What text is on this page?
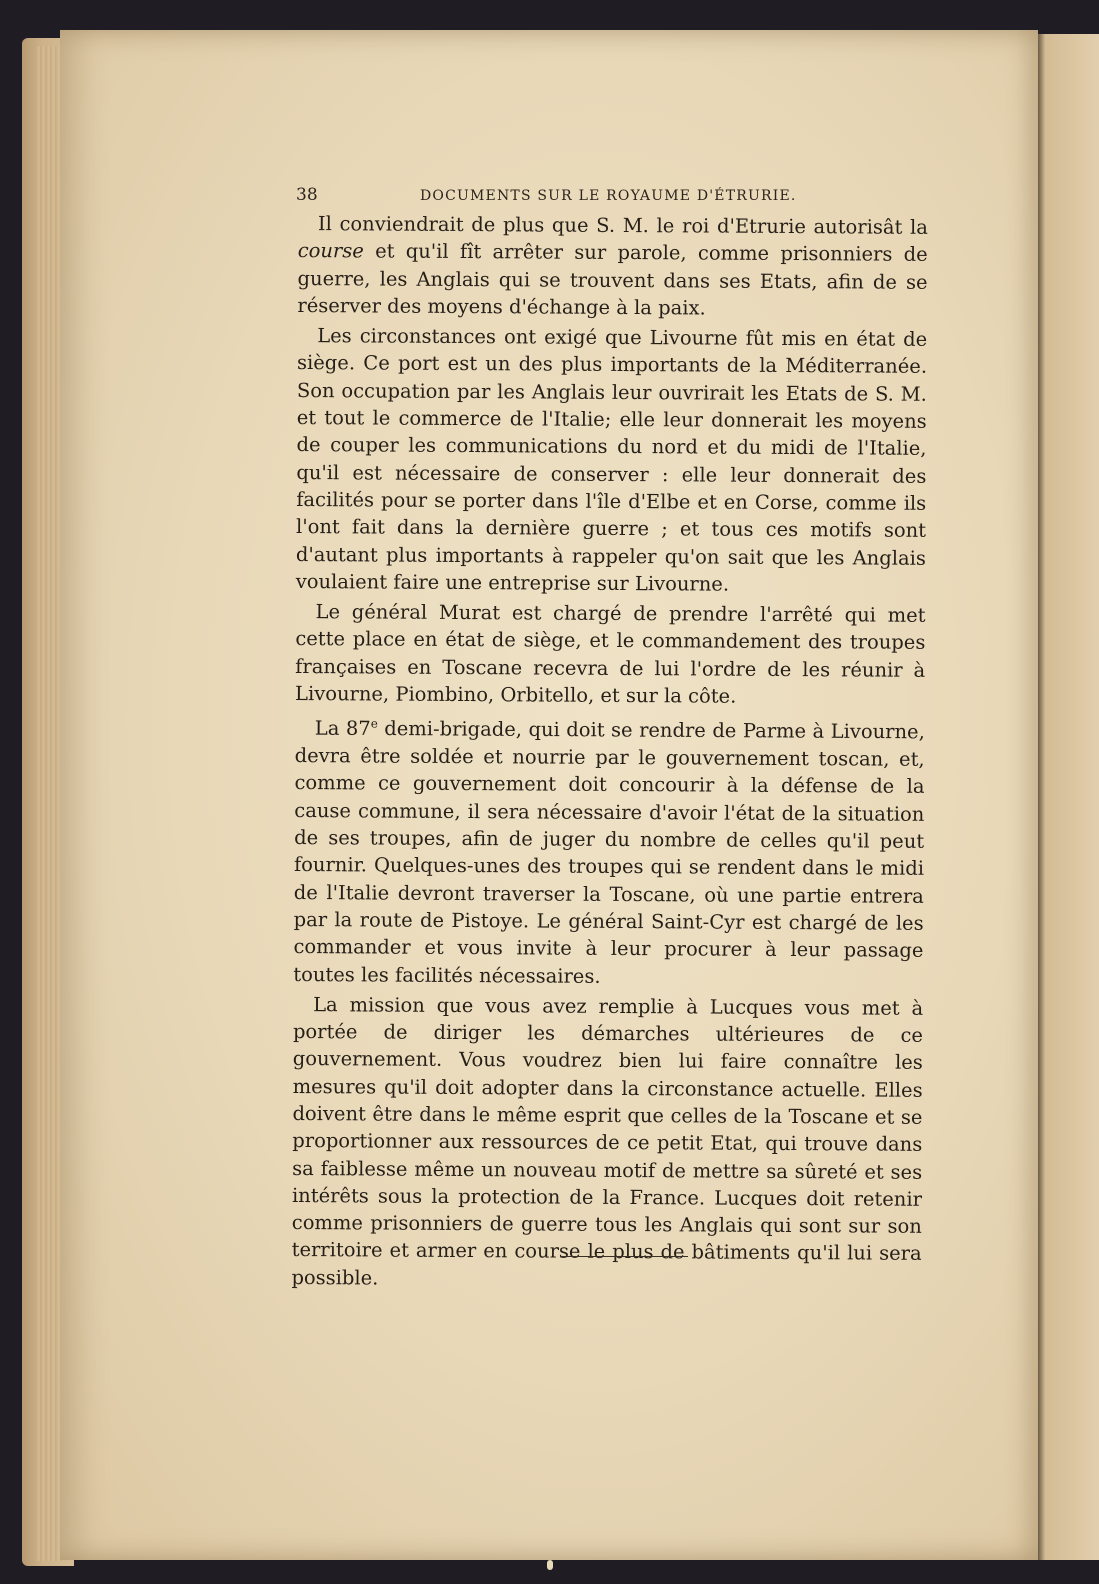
38	DOCUMENTS SUR LE ROYAUME D'ÉTRURIE.

Il conviendrait de plus que S. M. le roi d'Etrurie autorisât la course et qu'il fît arrêter sur parole, comme prisonniers de guerre, les Anglais qui se trouvent dans ses Etats, afin de se réserver des moyens d'échange à la paix.

Les circonstances ont exigé que Livourne fût mis en état de siège. Ce port est un des plus importants de la Méditerranée. Son occupation par les Anglais leur ouvrirait les Etats de S. M. et tout le commerce de l'Italie; elle leur donnerait les moyens de couper les communications du nord et du midi de l'Italie, qu'il est nécessaire de conserver : elle leur donnerait des facilités pour se porter dans l'île d'Elbe et en Corse, comme ils l'ont fait dans la dernière guerre ; et tous ces motifs sont d'autant plus importants à rappeler qu'on sait que les Anglais voulaient faire une entreprise sur Livourne.

Le général Murat est chargé de prendre l'arrêté qui met cette place en état de siège, et le commandement des troupes françaises en Toscane recevra de lui l'ordre de les réunir à Livourne, Piombino, Orbitello, et sur la côte.

La 87e demi-brigade, qui doit se rendre de Parme à Livourne, devra être soldée et nourrie par le gouvernement toscan, et, comme ce gouvernement doit concourir à la défense de la cause commune, il sera nécessaire d'avoir l'état de la situation de ses troupes, afin de juger du nombre de celles qu'il peut fournir. Quelques-unes des troupes qui se rendent dans le midi de l'Italie devront traverser la Toscane, où une partie entrera par la route de Pistoye. Le général Saint-Cyr est chargé de les commander et vous invite à leur procurer à leur passage toutes les facilités nécessaires.

La mission que vous avez remplie à Lucques vous met à portée de diriger les démarches ultérieures de ce gouvernement. Vous voudrez bien lui faire connaître les mesures qu'il doit adopter dans la circonstance actuelle. Elles doivent être dans le même esprit que celles de la Toscane et se proportionner aux ressources de ce petit Etat, qui trouve dans sa faiblesse même un nouveau motif de mettre sa sûreté et ses intérêts sous la protection de la France. Lucques doit retenir comme prisonniers de guerre tous les Anglais qui sont sur son territoire et armer en course le plus de bâtiments qu'il lui sera possible.
